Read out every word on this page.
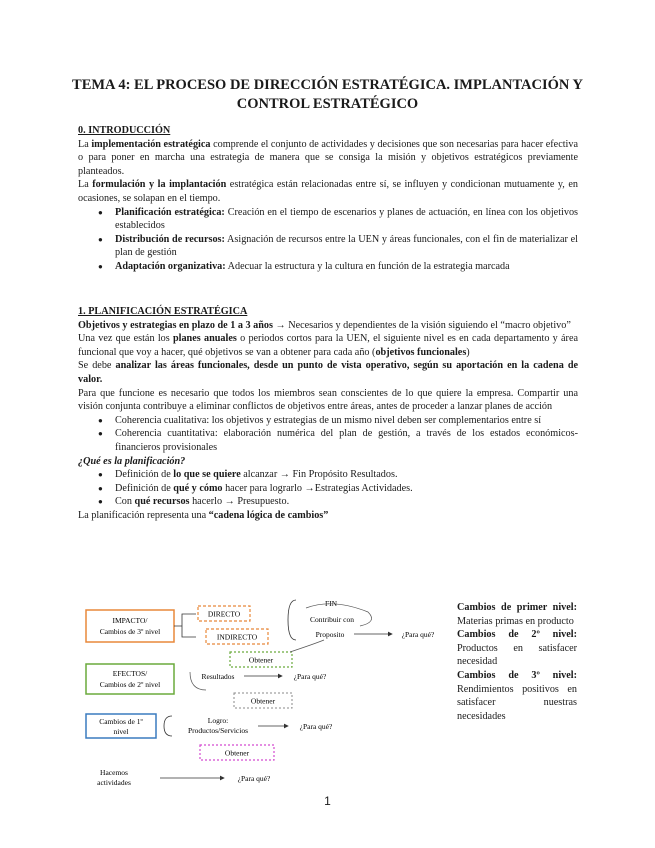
TEMA 4: EL PROCESO DE DIRECCIÓN ESTRATÉGICA. IMPLANTACIÓN Y
CONTROL ESTRATÉGICO

0. INTRODUCCIÓN

La implementación estratégica comprende el conjunto de actividades y decisiones que son necesarias para hacer efectiva o para poner en marcha una estrategia de manera que se consiga la misión y objetivos estratégicos previamente planteados.

La formulación y la implantación estratégica están relacionadas entre sí, se influyen y condicionan mutuamente y, en ocasiones, se solapan en el tiempo.

● Planificación estratégica: Creación en el tiempo de escenarios y planes de actuación, en línea con los objetivos establecidos
● Distribución de recursos: Asignación de recursos entre la UEN y áreas funcionales, con el fin de materializar el plan de gestión
● Adaptación organizativa: Adecuar la estructura y la cultura en función de la estrategia marcada

1. PLANIFICACIÓN ESTRATÉGICA

Objetivos y estrategias en plazo de 1 a 3 años → Necesarios y dependientes de la visión siguiendo el “macro objetivo”

Una vez que están los planes anuales o periodos cortos para la UEN, el siguiente nivel es en cada departamento y área funcional que voy a hacer, qué objetivos se van a obtener para cada año (objetivos funcionales)

Se debe analizar las áreas funcionales, desde un punto de vista operativo, según su aportación en la cadena de valor.

Para que funcione es necesario que todos los miembros sean conscientes de lo que quiere la empresa. Compartir una visión conjunta contribuye a eliminar conflictos de objetivos entre áreas, antes de proceder a lanzar planes de acción

● Coherencia cualitativa: los objetivos y estrategias de un mismo nivel deben ser complementarios entre sí
● Coherencia cuantitativa: elaboración numérica del plan de gestión, a través de los estados económicos-financieros provisionales

¿Qué es la planificación?

● Definición de lo que se quiere alcanzar → Fin Propósito Resultados.
● Definición de qué y cómo hacer para lograrlo →Estrategias Actividades.
● Con qué recursos hacerlo → Presupuesto.

La planificación representa una “cadena lógica de cambios”

IMPACTO/
Cambios de 3º nivel
DIRECTO
INDIRECTO
FIN
Contribuir con
Proposito	¿Para qué?
Obtener
EFECTOS/
Cambios de 2º nivel
Resultados	¿Para qué?
Obtener
Cambios de 1º
nivel
Logro:
Productos/Servicios	¿Para qué?
Obtener
Hacemos
actividades	¿Para qué?

Cambios de primer nivel: Materias primas en producto

Cambios de 2º nivel: Productos en satisfacer necesidad

Cambios de 3º nivel: Rendimientos positivos en satisfacer nuestras necesidades

1
